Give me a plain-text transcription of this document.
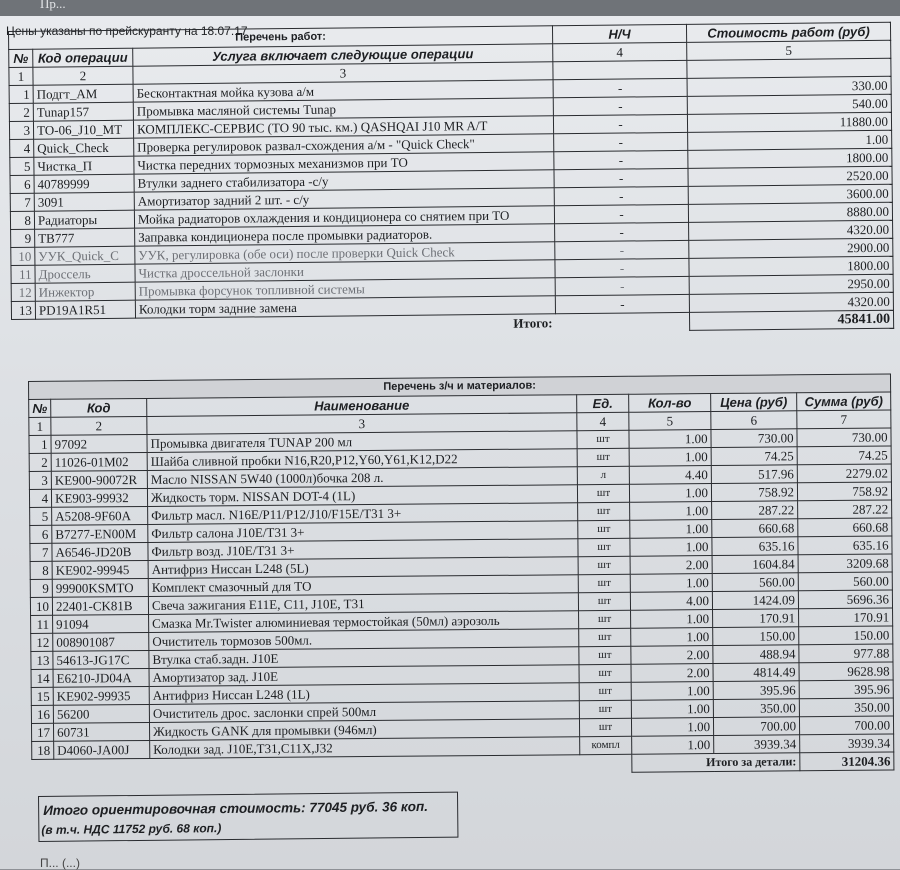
Пр...
Цены указаны по прейскуранту на 18.07.17
Перечень работ:			Н/Ч	Стоимость работ (руб)
№	Код операции	Услуга включает следующие операции	4	5
1	2	3		
1	Подгт_АМ	Бесконтактная мойка кузова а/м	-	330.00
2	Tunap157	Промывка масляной системы Tunap	-	540.00
3	ТО-06_J10_МТ	КОМПЛЕКС-СЕРВИС (ТО 90 тыс. км.) QASHQAI J10 MR A/T	-	11880.00
4	Quick_Check	Проверка регулировок развал-схождения а/м - "Quick Check"	-	1.00
5	Чистка_П	Чистка передних тормозных механизмов при ТО	-	1800.00
6	40789999	Втулки заднего стабилизатора -с/у	-	2520.00
7	3091	Амортизатор задний 2 шт. - с/у	-	3600.00
8	Радиаторы	Мойка радиаторов охлаждения и кондиционера со снятием при ТО	-	8880.00
9	ТВ777	Заправка кондиционера после промывки радиаторов.	-	4320.00
10	УУК_Quick_C	УУК, регулировка (обе оси) после проверки Quick Check	-	2900.00
11	Дроссель	Чистка дроссельной заслонки	-	1800.00
12	Инжектор	Промывка форсунок топливной системы	-	2950.00
13	PD19A1R51	Колодки торм задние замена	-	4320.00
Итого:				45841.00
Перечень з/ч и материалов:						
№	Код	Наименование	Ед.	Кол-во	Цена (руб)	Сумма (руб)
1	2	3	4	5	6	7
1	97092	Промывка двигателя TUNAP 200 мл	шт	1.00	730.00	730.00
2	11026-01M02	Шайба сливной пробки N16,R20,P12,Y60,Y61,K12,D22	шт	1.00	74.25	74.25
3	KE900-90072R	Масло NISSAN 5W40 (1000л)бочка 208 л.	л	4.40	517.96	2279.02
4	KE903-99932	Жидкость торм. NISSAN DOT-4 (1L)	шт	1.00	758.92	758.92
5	A5208-9F60A	Фильтр масл. N16E/P11/P12/J10/F15E/T31 3+	шт	1.00	287.22	287.22
6	B7277-EN00M	Фильтр салона J10E/T31 3+	шт	1.00	660.68	660.68
7	A6546-JD20B	Фильтр возд. J10E/T31 3+	шт	1.00	635.16	635.16
8	KE902-99945	Антифриз Ниссан L248 (5L)	шт	2.00	1604.84	3209.68
9	99900KSMTO	Комплект смазочный для ТО	шт	1.00	560.00	560.00
10	22401-CK81B	Свеча зажигания E11E, C11, J10E, T31	шт	4.00	1424.09	5696.36
11	91094	Смазка Mr.Twister алюминиевая термостойкая (50мл) аэрозоль	шт	1.00	170.91	170.91
12	008901087	Очиститель тормозов 500мл.	шт	1.00	150.00	150.00
13	54613-JG17C	Втулка стаб.задн. J10E	шт	2.00	488.94	977.88
14	E6210-JD04A	Амортизатор зад. J10E	шт	2.00	4814.49	9628.98
15	KE902-99935	Антифриз Ниссан L248 (1L)	шт	1.00	395.96	395.96
16	56200	Очиститель дрос. заслонки спрей 500мл	шт	1.00	350.00	350.00
17	60731	Жидкость GANK для промывки (946мл)	шт	1.00	700.00	700.00
18	D4060-JA00J	Колодки зад. J10E,T31,C11X,J32	компл	1.00	3939.34	3939.34
				Итого за детали:		31204.36
Итого ориентировочная стоимость: 77045 руб. 36 коп.
(в т.ч. НДС 11752 руб. 68 коп.)
П... (...)
